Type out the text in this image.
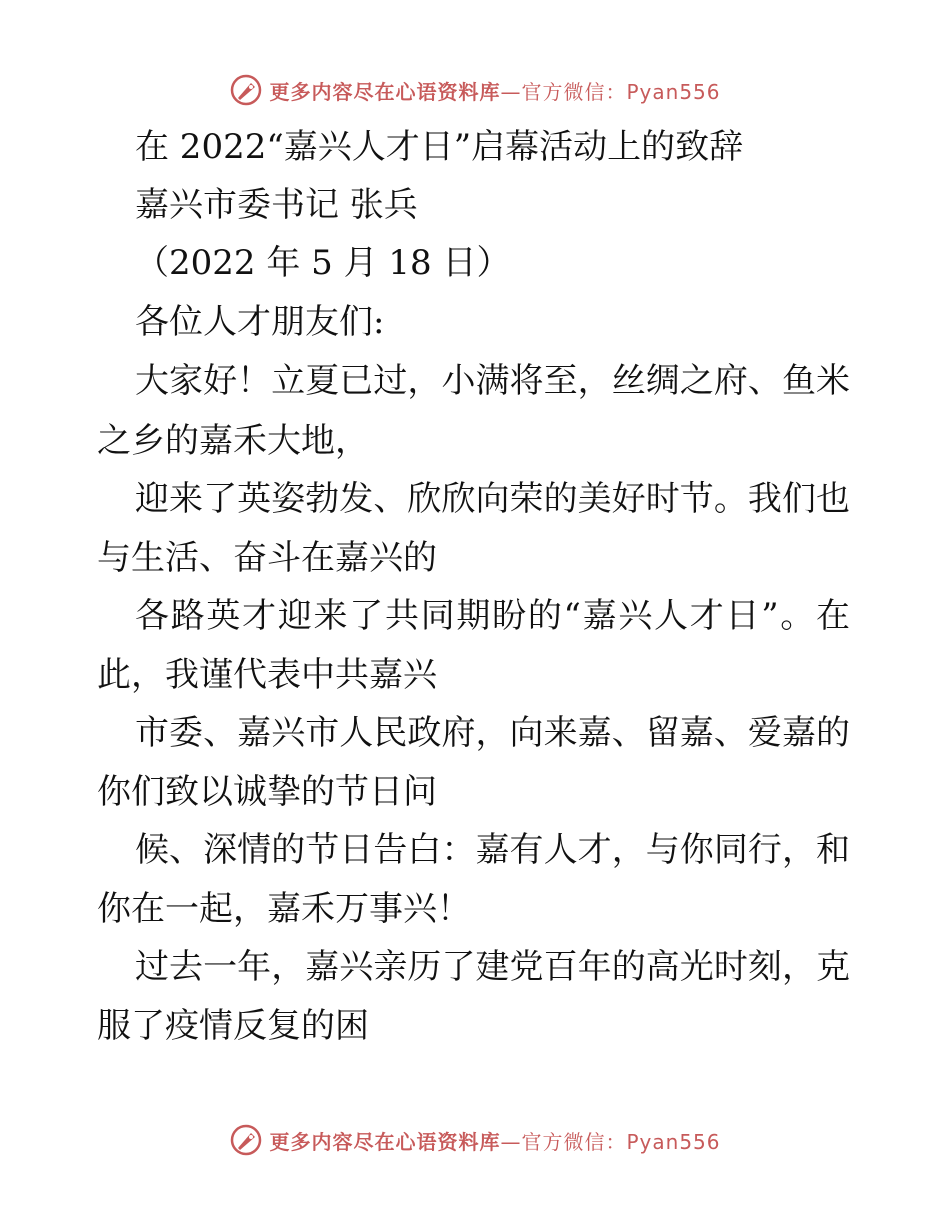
更多内容尽在心语资料库—官方微信：Pyan556
在 2022“嘉兴人才日”启幕活动上的致辞
嘉兴市委书记 张兵
（2022 年 5 月 18 日）
各位人才朋友们:
大家好！立夏已过，小满将至，丝绸之府、鱼米
之乡的嘉禾大地，
迎来了英姿勃发、欣欣向荣的美好时节。我们也
与生活、奋斗在嘉兴的
各路英才迎来了共同期盼的“嘉兴人才日”。在
此，我谨代表中共嘉兴
市委、嘉兴市人民政府，向来嘉、留嘉、爱嘉的
你们致以诚挚的节日问
候、深情的节日告白：嘉有人才，与你同行，和
你在一起，嘉禾万事兴！
过去一年，嘉兴亲历了建党百年的高光时刻，克
服了疫情反复的困
更多内容尽在心语资料库—官方微信：Pyan556
